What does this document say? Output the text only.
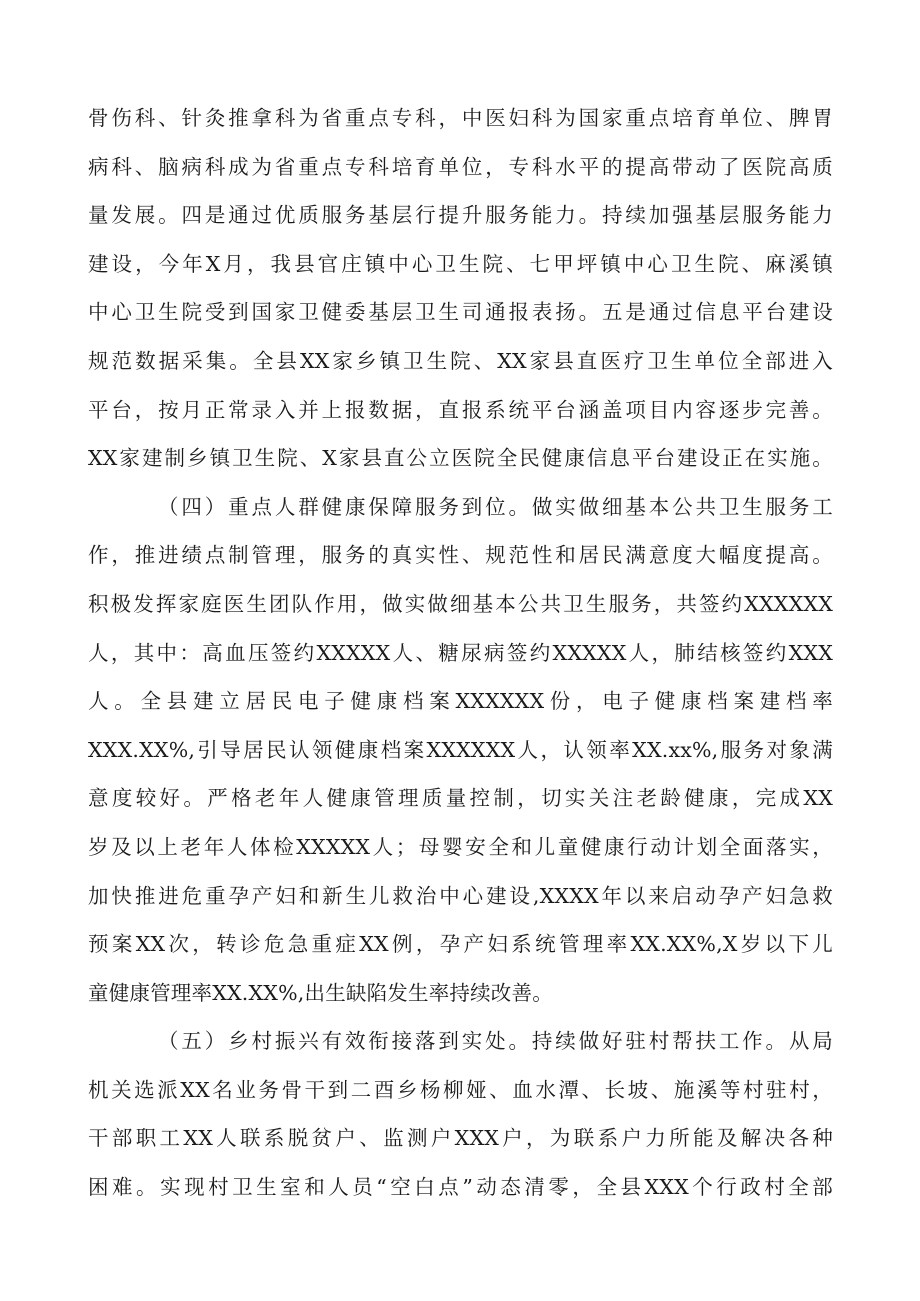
骨伤科、针灸推拿科为省重点专科，中医妇科为国家重点培育单位、脾胃
病科、脑病科成为省重点专科培育单位，专科水平的提高带动了医院高质
量发展。四是通过优质服务基层行提升服务能力。持续加强基层服务能力
建设，今年X月，我县官庄镇中心卫生院、七甲坪镇中心卫生院、麻溪镇
中心卫生院受到国家卫健委基层卫生司通报表扬。五是通过信息平台建设
规范数据采集。全县XX家乡镇卫生院、XX家县直医疗卫生单位全部进入
平台，按月正常录入并上报数据，直报系统平台涵盖项目内容逐步完善。
XX家建制乡镇卫生院、X家县直公立医院全民健康信息平台建设正在实施。
（四）重点人群健康保障服务到位。做实做细基本公共卫生服务工
作，推进绩点制管理，服务的真实性、规范性和居民满意度大幅度提高。
积极发挥家庭医生团队作用，做实做细基本公共卫生服务，共签约XXXXXX
人，其中：高血压签约XXXXX人、糖尿病签约XXXXX人，肺结核签约XXX
人。全县建立居民电子健康档案XXXXXX份，电子健康档案建档率
XXX.XX%,引导居民认领健康档案XXXXXX人，认领率XX.xx%,服务对象满
意度较好。严格老年人健康管理质量控制，切实关注老龄健康，完成XX
岁及以上老年人体检XXXXX人；母婴安全和儿童健康行动计划全面落实，
加快推进危重孕产妇和新生儿救治中心建设,XXXX年以来启动孕产妇急救
预案XX次，转诊危急重症XX例，孕产妇系统管理率XX.XX%,X岁以下儿
童健康管理率XX.XX%,出生缺陷发生率持续改善。
（五）乡村振兴有效衔接落到实处。持续做好驻村帮扶工作。从局
机关选派XX名业务骨干到二酉乡杨柳娅、血水潭、长坡、施溪等村驻村，
干部职工XX人联系脱贫户、监测户XXX户，为联系户力所能及解决各种
困难。实现村卫生室和人员“空白点”动态清零，全县XXX个行政村全部
